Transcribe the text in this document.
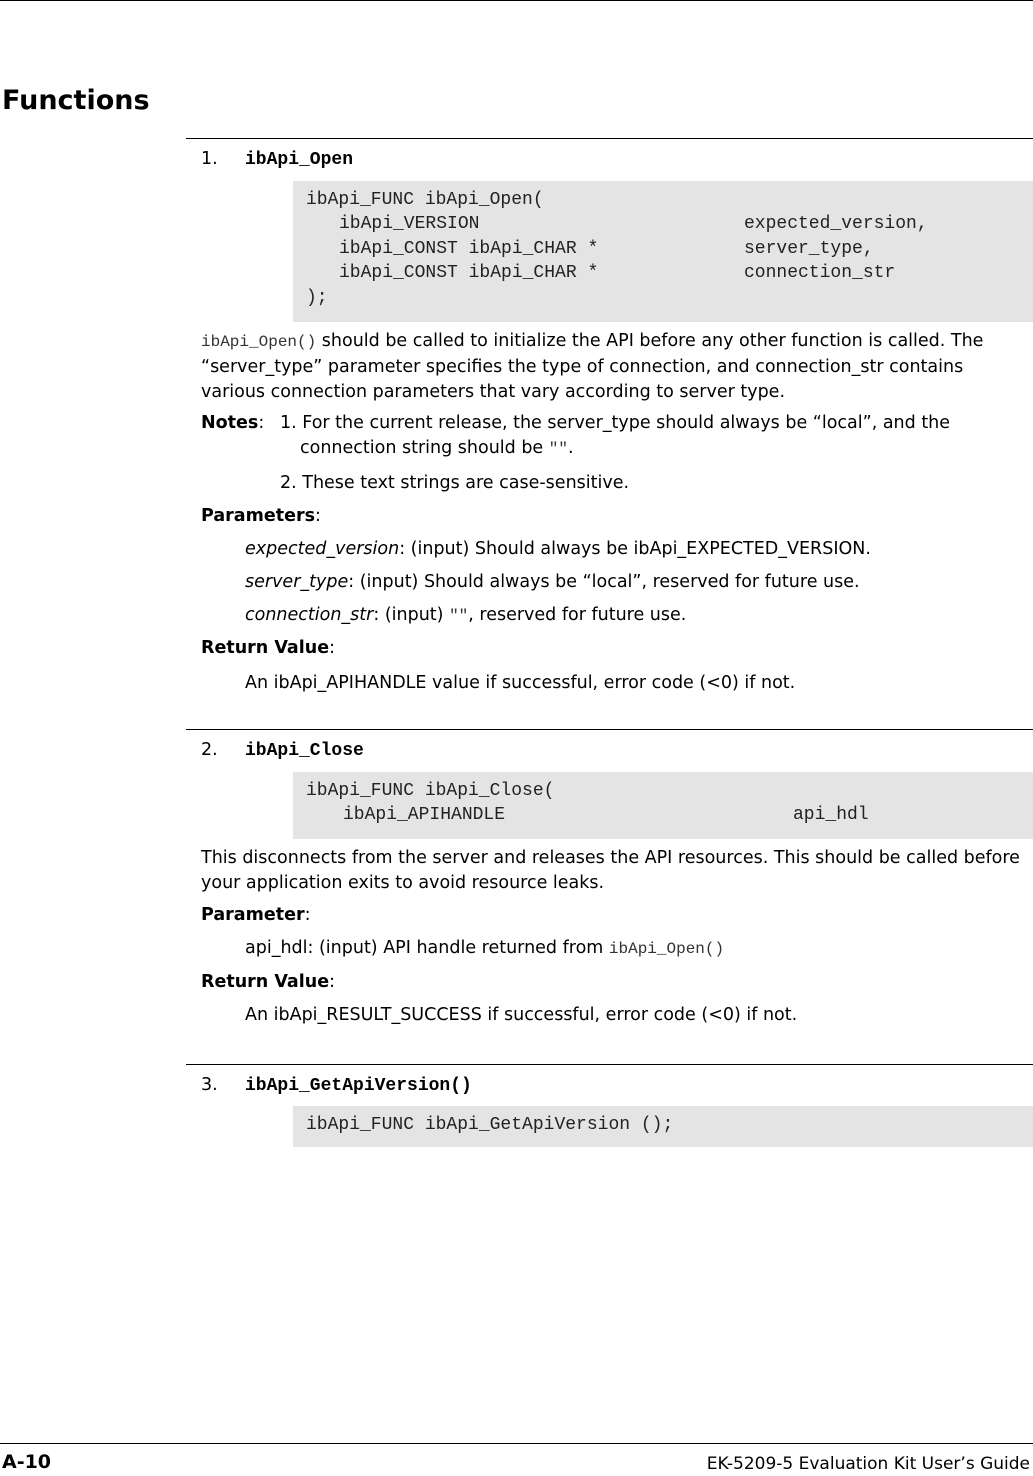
Functions
1. ibApi_Open
ibApi_FUNC ibApi_Open(

ibApi_VERSION

	expected_version,

ibApi_CONST ibApi_CHAR *

	server_type,

ibApi_CONST ibApi_CHAR *

	connection_str

);
ibApi_Open() should be called to initialize the API before any other function is called. The “server_type” parameter specifies the type of connection, and connection_str contains various connection parameters that vary according to server type.
Notes: 1. For the current release, the server_type should always be “local”, and the connection string should be "".
2. These text strings are case-sensitive.
Parameters:
expected_version: (input) Should always be ibApi_EXPECTED_VERSION.
server_type: (input) Should always be “local”, reserved for future use.
connection_str: (input) "", reserved for future use.
Return Value:
An ibApi_APIHANDLE value if successful, error code (<0) if not.
2. ibApi_Close
ibApi_FUNC ibApi_Close(

ibApi_APIHANDLE

	api_hdl

This disconnects from the server and releases the API resources. This should be called before your application exits to avoid resource leaks.
Parameter:
api_hdl: (input) API handle returned from ibApi_Open()
Return Value:
An ibApi_RESULT_SUCCESS if successful, error code (<0) if not.
3. ibApi_GetApiVersion()
ibApi_FUNC ibApi_GetApiVersion ();
A-10	EK-5209-5 Evaluation Kit User’s Guide
